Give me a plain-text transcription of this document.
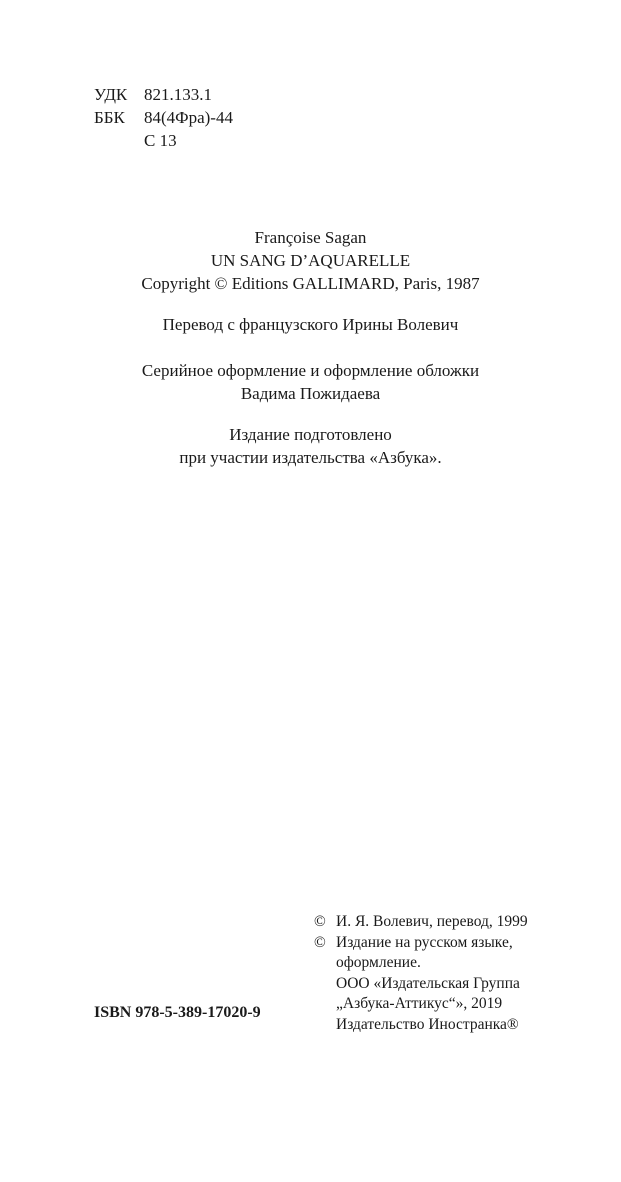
УДК 821.133.1
ББК 84(4Фра)-44
С 13
Françoise Sagan
UN SANG D’AQUARELLE
Copyright © Editions GALLIMARD, Paris, 1987
Перевод с французского Ирины Волевич
Серийное оформление и оформление обложки
Вадима Пожидаева
Издание подготовлено
при участии издательства «Азбука».
© И. Я. Волевич, перевод, 1999
© Издание на русском языке,
оформление.
ООО «Издательская Группа
„Азбука-Аттикус“», 2019
Издательство Иностранка®
ISBN 978-5-389-17020-9
